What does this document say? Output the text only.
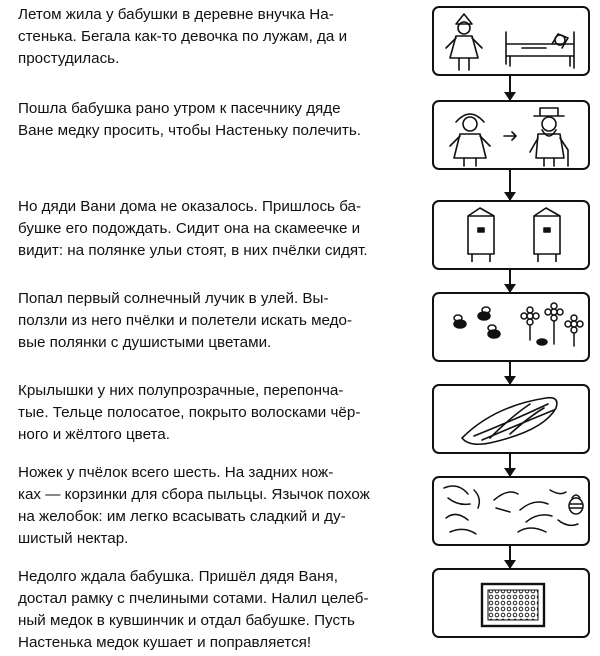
Летом жила у бабушки в деревне внучка На-
стенька. Бегала как-то девочка по лужам, да и
простудилась.

Пошла бабушка рано утром к пасечнику дяде
Ване медку просить, чтобы Настеньку полечить.

Но дяди Вани дома не оказалось. Пришлось ба-
бушке его подождать. Сидит она на скамеечке и
видит: на полянке ульи стоят, в них пчёлки сидят.

Попал первый солнечный лучик в улей. Вы-
ползли из него пчёлки и полетели искать медо-
вые полянки с душистыми цветами.

Крылышки у них полупрозрачные, перепонча-
тые. Тельце полосатое, покрыто волосками чёр-
ного и жёлтого цвета.

Ножек у пчёлок всего шесть. На задних нож-
ках — корзинки для сбора пыльцы. Язычок похож
на желобок: им легко всасывать сладкий и ду-
шистый нектар.

Недолго ждала бабушка. Пришёл дядя Ваня,
достал рамку с пчелиными сотами. Налил целеб-
ный медок в кувшинчик и отдал бабушке. Пусть
Настенька медок кушает и поправляется!
